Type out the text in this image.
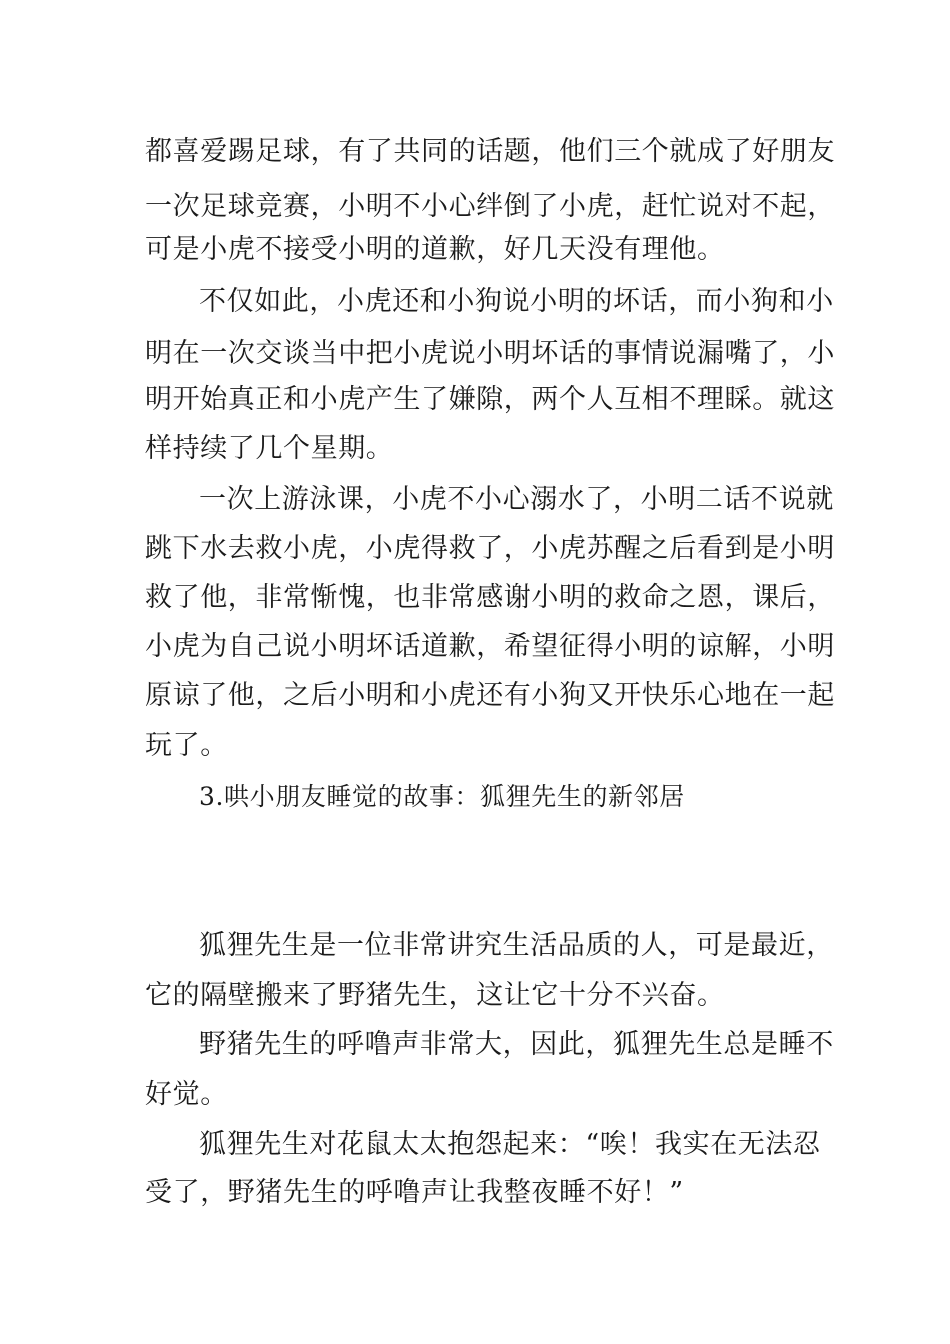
都喜爱踢足球，有了共同的话题，他们三个就成了好朋友
一次足球竞赛，小明不小心绊倒了小虎，赶忙说对不起，
可是小虎不接受小明的道歉，好几天没有理他。
不仅如此，小虎还和小狗说小明的坏话，而小狗和小
明在一次交谈当中把小虎说小明坏话的事情说漏嘴了，小
明开始真正和小虎产生了嫌隙，两个人互相不理睬。就这
样持续了几个星期。
一次上游泳课，小虎不小心溺水了，小明二话不说就
跳下水去救小虎，小虎得救了，小虎苏醒之后看到是小明
救了他，非常惭愧，也非常感谢小明的救命之恩，课后，
小虎为自己说小明坏话道歉，希望征得小明的谅解，小明
原谅了他，之后小明和小虎还有小狗又开快乐心地在一起
玩了。
3.哄小朋友睡觉的故事：狐狸先生的新邻居
狐狸先生是一位非常讲究生活品质的人，可是最近，
它的隔壁搬来了野猪先生，这让它十分不兴奋。
野猪先生的呼噜声非常大，因此，狐狸先生总是睡不
好觉。
狐狸先生对花鼠太太抱怨起来：“唉！我实在无法忍
受了，野猪先生的呼噜声让我整夜睡不好！”
